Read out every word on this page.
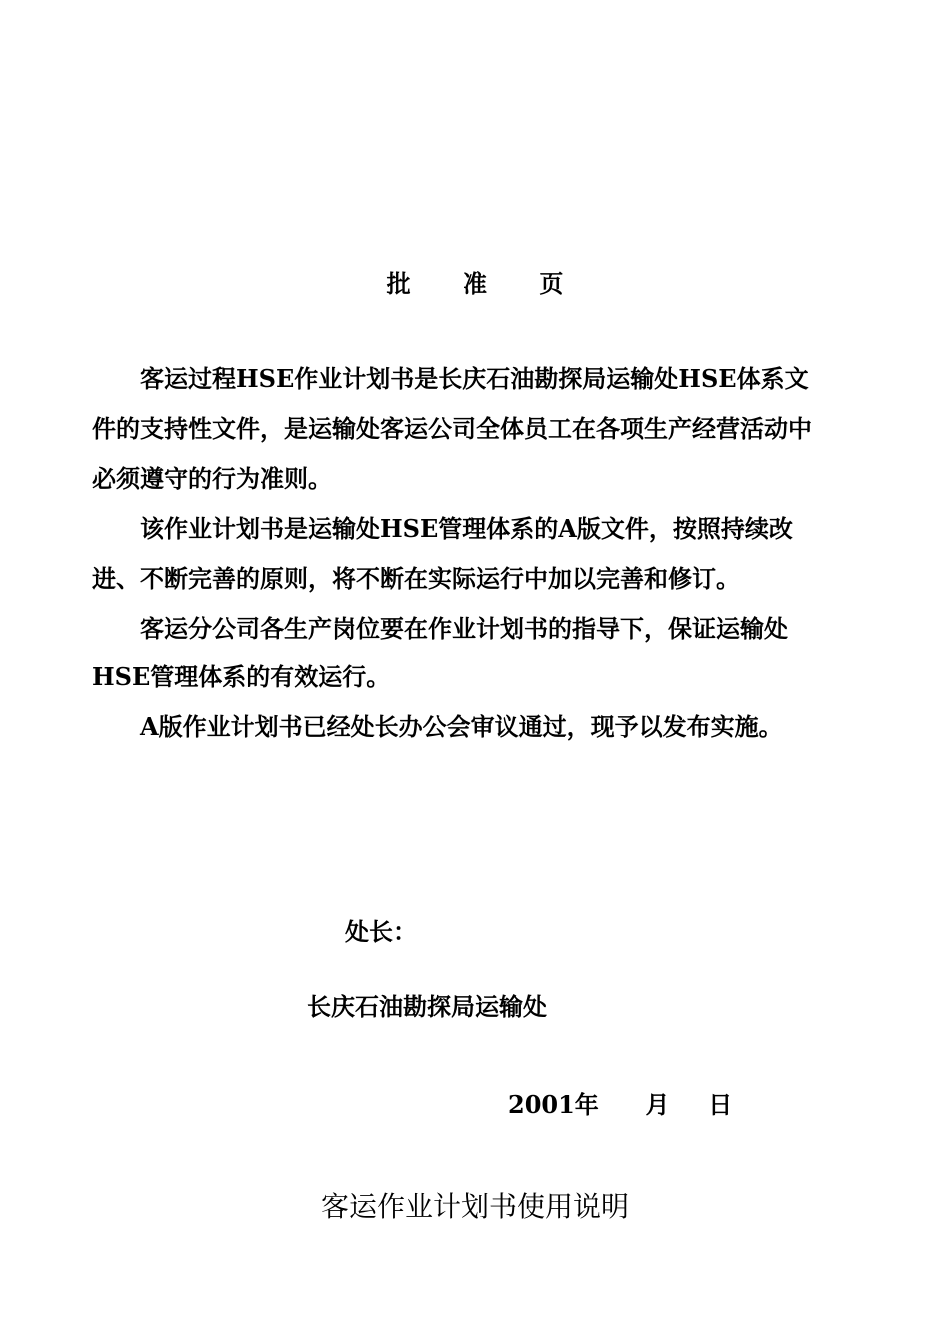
批 准 页
客运过程HSE作业计划书是长庆石油勘探局运输处HSE体系文
件的支持性文件，是运输处客运公司全体员工在各项生产经营活动中
必须遵守的行为准则。
该作业计划书是运输处HSE管理体系的A版文件，按照持续改
进、不断完善的原则，将不断在实际运行中加以完善和修订。
客运分公司各生产岗位要在作业计划书的指导下，保证运输处
HSE管理体系的有效运行。
A版作业计划书已经处长办公会审议通过，现予以发布实施。
处长：
长庆石油勘探局运输处
2001年 月 日
客运作业计划书使用说明
